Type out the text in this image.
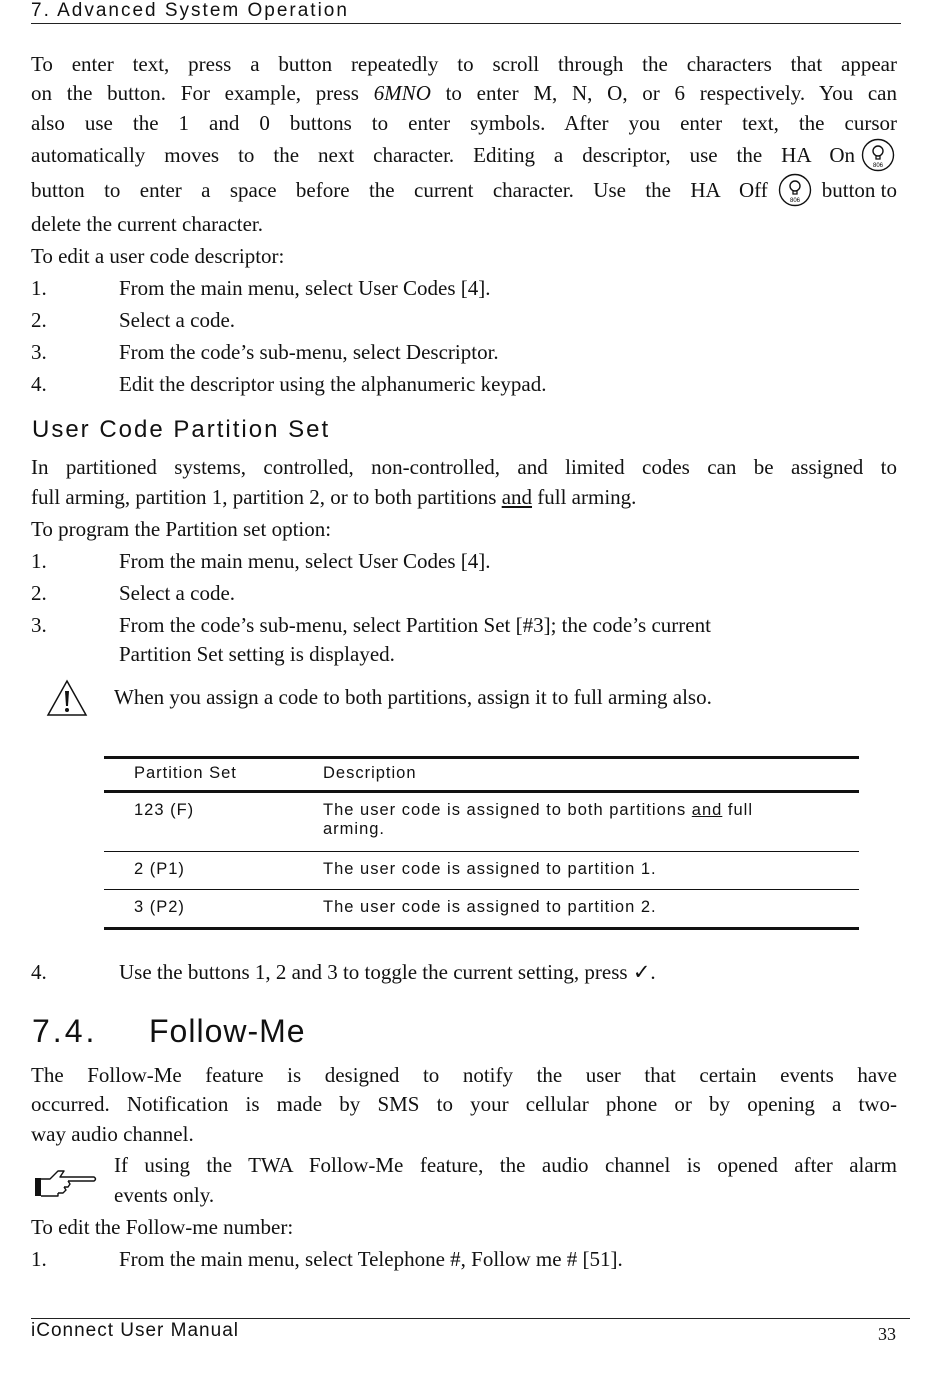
7. Advanced System Operation
To enter text, press a button repeatedly to scroll through the characters that appear
on the button. For example, press 6MNO to enter M, N, O, or 6 respectively. You can
also use the 1 and 0 buttons to enter symbols. After you enter text, the cursor
automatically moves to the next character. Editing a descriptor, use the HA On	806
button to enter a space before the current character. Use the HA Off	806	button to
delete the current character.
To edit a user code descriptor:
1.	From the main menu, select User Codes [4].
2.	Select a code.
3.	From the code’s sub-menu, select Descriptor.
4.	Edit the descriptor using the alphanumeric keypad.
User Code Partition Set
In partitioned systems, controlled, non-controlled, and limited codes can be assigned to
full arming, partition 1, partition 2, or to both partitions and full arming.
To program the Partition set option:
1.	From the main menu, select User Codes [4].
2.	Select a code.
3.	From the code’s sub-menu, select Partition Set [#3]; the code’s current
Partition Set setting is displayed.
When you assign a code to both partitions, assign it to full arming also.
Partition Set	Description
123 (F)	The user code is assigned to both partitions and full
arming.
2 (P1)	The user code is assigned to partition 1.
3 (P2)	The user code is assigned to partition 2.
4.	Use the buttons 1, 2 and 3 to toggle the current setting, press ✓.
7.4. Follow-Me
The Follow-Me feature is designed to notify the user that certain events have
occurred. Notification is made by SMS to your cellular phone or by opening a two-
way audio channel.
If using the TWA Follow-Me feature, the audio channel is opened after alarm
events only.
To edit the Follow-me number:
1.	From the main menu, select Telephone #, Follow me # [51].
iConnect User Manual	33
